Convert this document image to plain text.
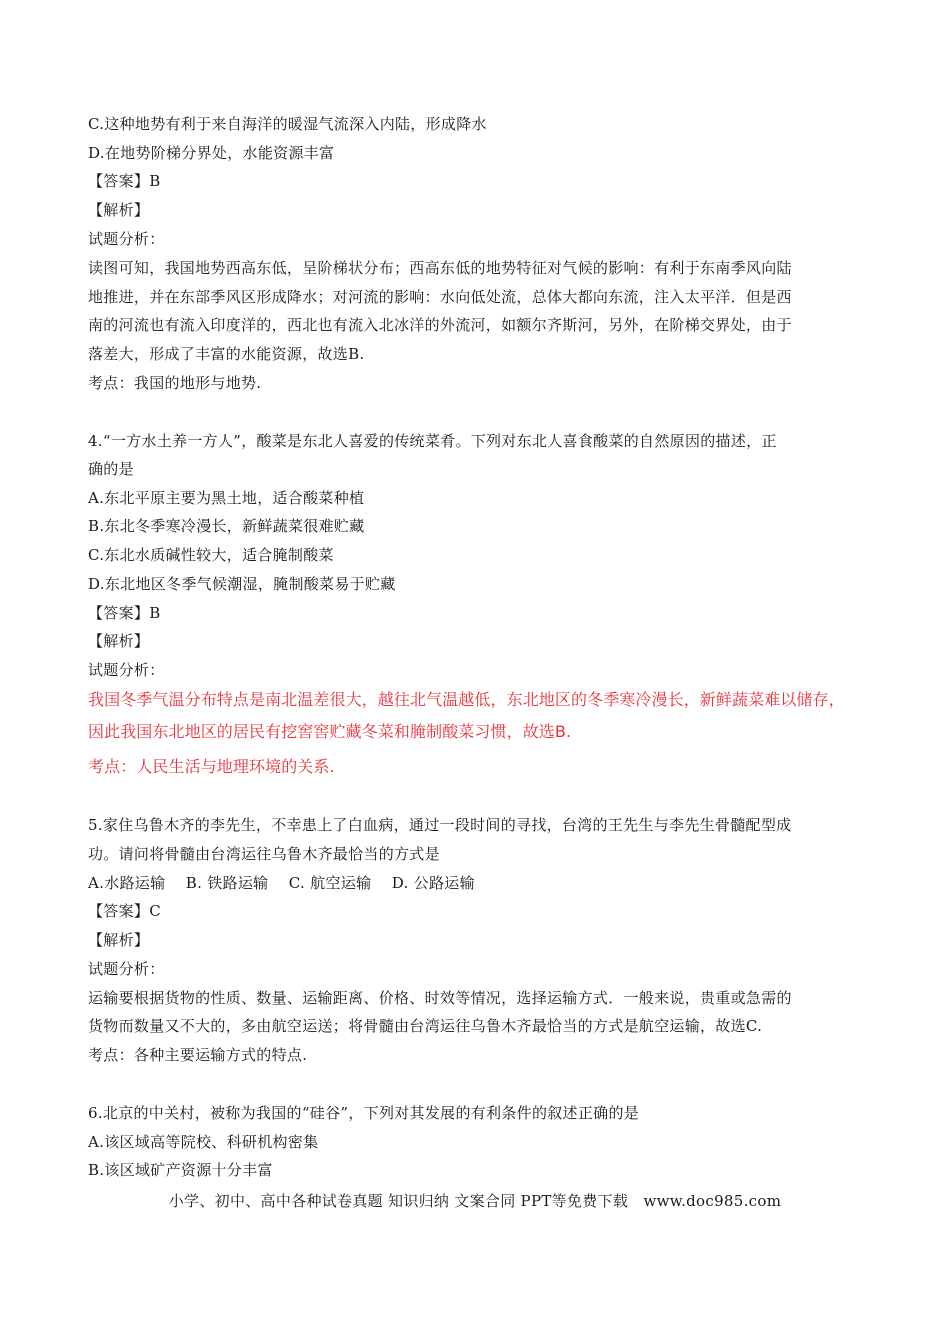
C.这种地势有利于来自海洋的暖湿气流深入内陆，形成降水
D.在地势阶梯分界处，水能资源丰富
【答案】B
【解析】
试题分析：
读图可知，我国地势西高东低，呈阶梯状分布；西高东低的地势特征对气候的影响：有利于东南季风向陆
地推进，并在东部季风区形成降水；对河流的影响：水向低处流，总体大都向东流，注入太平洋．但是西
南的河流也有流入印度洋的，西北也有流入北冰洋的外流河，如额尔齐斯河，另外，在阶梯交界处，由于
落差大，形成了丰富的水能资源，故选B.
考点：我国的地形与地势.
4.“一方水土养一方人”，酸菜是东北人喜爱的传统菜肴。下列对东北人喜食酸菜的自然原因的描述，正
确的是
A.东北平原主要为黑土地，适合酸菜种植
B.东北冬季寒冷漫长，新鲜蔬菜很难贮藏
C.东北水质碱性较大，适合腌制酸菜
D.东北地区冬季气候潮湿，腌制酸菜易于贮藏
【答案】B
【解析】
试题分析：
我国冬季气温分布特点是南北温差很大，越往北气温越低，东北地区的冬季寒冷漫长，新鲜蔬菜难以储存，
因此我国东北地区的居民有挖窖窖贮藏冬菜和腌制酸菜习惯，故选B.
考点：人民生活与地理环境的关系.
5.家住乌鲁木齐的李先生，不幸患上了白血病，通过一段时间的寻找，台湾的王先生与李先生骨髓配型成
功。请问将骨髓由台湾运往乌鲁木齐最恰当的方式是
A.水路运输　 B. 铁路运输　 C. 航空运输　 D. 公路运输
【答案】C
【解析】
试题分析：
运输要根据货物的性质、数量、运输距离、价格、时效等情况，选择运输方式．一般来说，贵重或急需的
货物而数量又不大的，多由航空运送；将骨髓由台湾运往乌鲁木齐最恰当的方式是航空运输，故选C.
考点：各种主要运输方式的特点.
6.北京的中关村，被称为我国的“硅谷”，下列对其发展的有利条件的叙述正确的是
A.该区域高等院校、科研机构密集
B.该区域矿产资源十分丰富
小学、初中、高中各种试卷真题 知识归纳 文案合同 PPT等免费下载　www.doc985.com
